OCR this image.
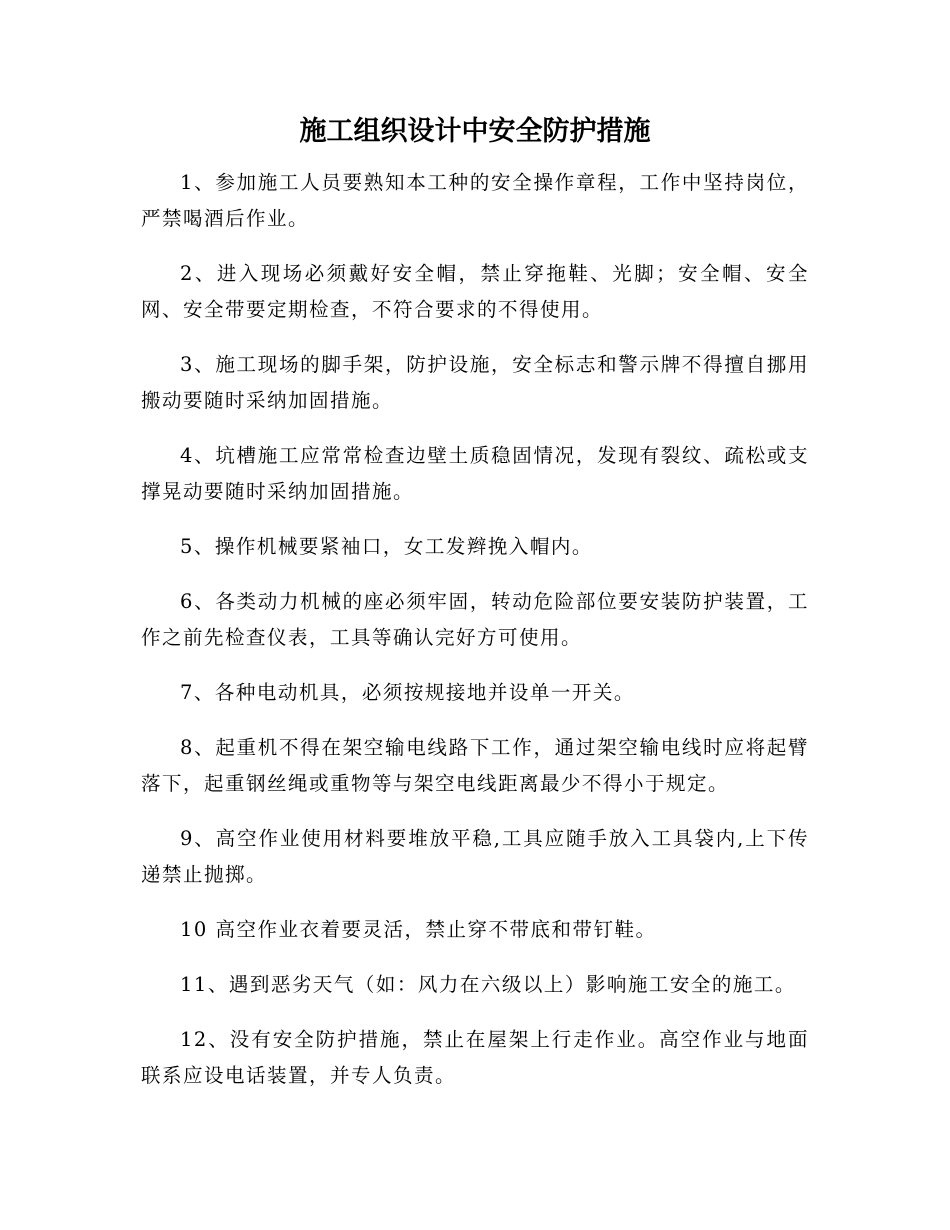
施工组织设计中安全防护措施

1、参加施工人员要熟知本工种的安全操作章程，工作中坚持岗位，严禁喝酒后作业。

2、进入现场必须戴好安全帽，禁止穿拖鞋、光脚；安全帽、安全网、安全带要定期检查，不符合要求的不得使用。

3、施工现场的脚手架，防护设施，安全标志和警示牌不得擅自挪用搬动要随时采纳加固措施。

4、坑槽施工应常常检查边壁土质稳固情况，发现有裂纹、疏松或支撑晃动要随时采纳加固措施。

5、操作机械要紧袖口，女工发辫挽入帽内。

6、各类动力机械的座必须牢固，转动危险部位要安装防护装置，工作之前先检查仪表，工具等确认完好方可使用。

7、各种电动机具，必须按规接地并设单一开关。

8、起重机不得在架空输电线路下工作，通过架空输电线时应将起臂落下，起重钢丝绳或重物等与架空电线距离最少不得小于规定。

9、高空作业使用材料要堆放平稳,工具应随手放入工具袋内,上下传递禁止抛掷。

10 高空作业衣着要灵活，禁止穿不带底和带钉鞋。

11、遇到恶劣天气（如：风力在六级以上）影响施工安全的施工。

12、没有安全防护措施，禁止在屋架上行走作业。高空作业与地面联系应设电话装置，并专人负责。
